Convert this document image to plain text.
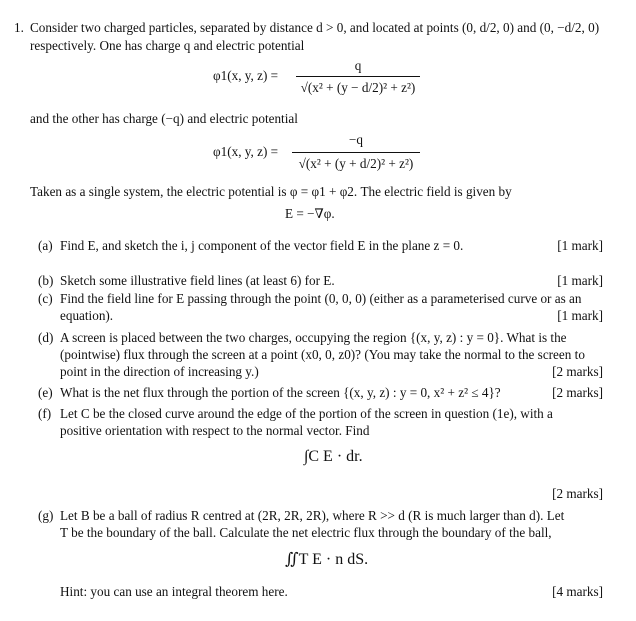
1. Consider two charged particles, separated by distance d > 0, and located at points (0, d/2, 0) and (0, −d/2, 0)
respectively. One has charge q and electric potential
φ1(x, y, z) =
q
√(x² + (y − d/2)² + z²)
and the other has charge (−q) and electric potential
φ1(x, y, z) =
−q
√(x² + (y + d/2)² + z²)
Taken as a single system, the electric potential is φ = φ1 + φ2. The electric field is given by
E = −∇φ.
(a) Find E, and sketch the i, j component of the vector field E in the plane z = 0.	[1 mark]
(b) Sketch some illustrative field lines (at least 6) for E.	[1 mark]
(c) Find the field line for E passing through the point (0, 0, 0) (either as a parameterised curve or as an
equation).	[1 mark]
(d) A screen is placed between the two charges, occupying the region {(x, y, z) : y = 0}. What is the
(pointwise) flux through the screen at a point (x0, 0, z0)? (You may take the normal to the screen to
point in the direction of increasing y.)	[2 marks]
(e) What is the net flux through the portion of the screen {(x, y, z) : y = 0, x² + z² ≤ 4}?	[2 marks]
(f) Let C be the closed curve around the edge of the portion of the screen in question (1e), with a
positive orientation with respect to the normal vector. Find
∫C E · dr.
[2 marks]
(g) Let B be a ball of radius R centred at (2R, 2R, 2R), where R >> d (R is much larger than d). Let
T be the boundary of the ball. Calculate the net electric flux through the boundary of the ball,
∬T E · n dS.
Hint: you can use an integral theorem here.	[4 marks]
